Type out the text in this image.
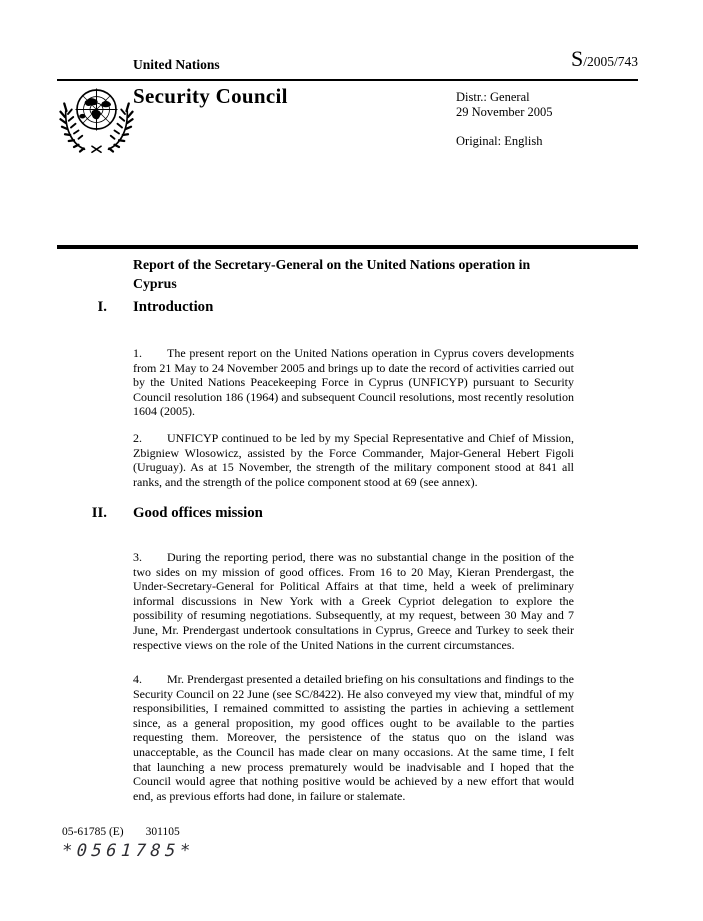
United Nations	S/2005/743
Security Council	Distr.: General
29 November 2005
Original: English
Report of the Secretary-General on the United Nations operation in Cyprus
I. Introduction

1. The present report on the United Nations operation in Cyprus covers developments from 21 May to 24 November 2005 and brings up to date the record of activities carried out by the United Nations Peacekeeping Force in Cyprus (UNFICYP) pursuant to Security Council resolution 186 (1964) and subsequent Council resolutions, most recently resolution 1604 (2005).

2. UNFICYP continued to be led by my Special Representative and Chief of Mission, Zbigniew Wlosowicz, assisted by the Force Commander, Major-General Hebert Figoli (Uruguay). As at 15 November, the strength of the military component stood at 841 all ranks, and the strength of the police component stood at 69 (see annex).

II. Good offices mission

3. During the reporting period, there was no substantial change in the position of the two sides on my mission of good offices. From 16 to 20 May, Kieran Prendergast, the Under-Secretary-General for Political Affairs at that time, held a week of preliminary informal discussions in New York with a Greek Cypriot delegation to explore the possibility of resuming negotiations. Subsequently, at my request, between 30 May and 7 June, Mr. Prendergast undertook consultations in Cyprus, Greece and Turkey to seek their respective views on the role of the United Nations in the current circumstances.

4. Mr. Prendergast presented a detailed briefing on his consultations and findings to the Security Council on 22 June (see SC/8422). He also conveyed my view that, mindful of my responsibilities, I remained committed to assisting the parties in achieving a settlement since, as a general proposition, my good offices ought to be available to the parties requesting them. Moreover, the persistence of the status quo on the island was unacceptable, as the Council has made clear on many occasions. At the same time, I felt that launching a new process prematurely would be inadvisable and I hoped that the Council would agree that nothing positive would be achieved by a new effort that would end, as previous efforts had done, in failure or stalemate.

05-61785 (E) 301105
*0561785*
